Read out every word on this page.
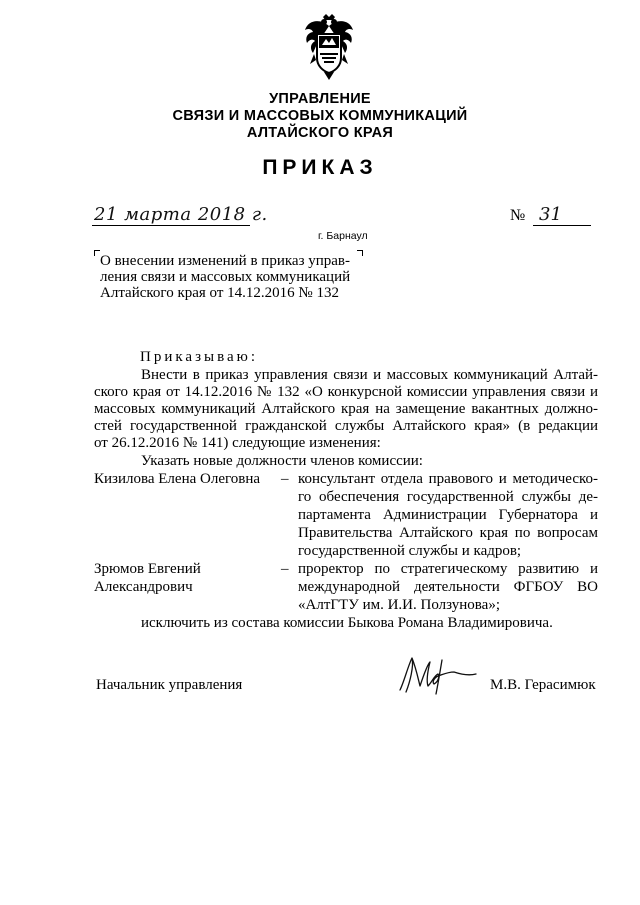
УПРАВЛЕНИЕ
СВЯЗИ И МАССОВЫХ КОММУНИКАЦИЙ
АЛТАЙСКОГО КРАЯ
ПРИКАЗ
21 марта 2018 г.	№ 31
г. Барнаул
О внесении изменений в приказ управ-
ления связи и массовых коммуникаций
Алтайского края от 14.12.2016 № 132
Приказываю:
Внести в приказ управления связи и массовых коммуникаций Алтай-
ского края от 14.12.2016 № 132 «О конкурсной комиссии управления связи и
массовых коммуникаций Алтайского края на замещение вакантных должно-
стей государственной гражданской службы Алтайского края» (в редакции
от 26.12.2016 № 141) следующие изменения:
Указать новые должности членов комиссии:
Кизилова Елена Олеговна – консультант отдела правового и методическо-
го обеспечения государственной службы де-
партамента Администрации Губернатора и
Правительства Алтайского края по вопросам
государственной службы и кадров;
Зрюмов Евгений
Александрович
– проректор по стратегическому развитию и
международной деятельности ФГБОУ ВО
«АлтГТУ им. И.И. Ползунова»;
исключить из состава комиссии Быкова Романа Владимировича.
Начальник управления	М.В. Герасимюк
